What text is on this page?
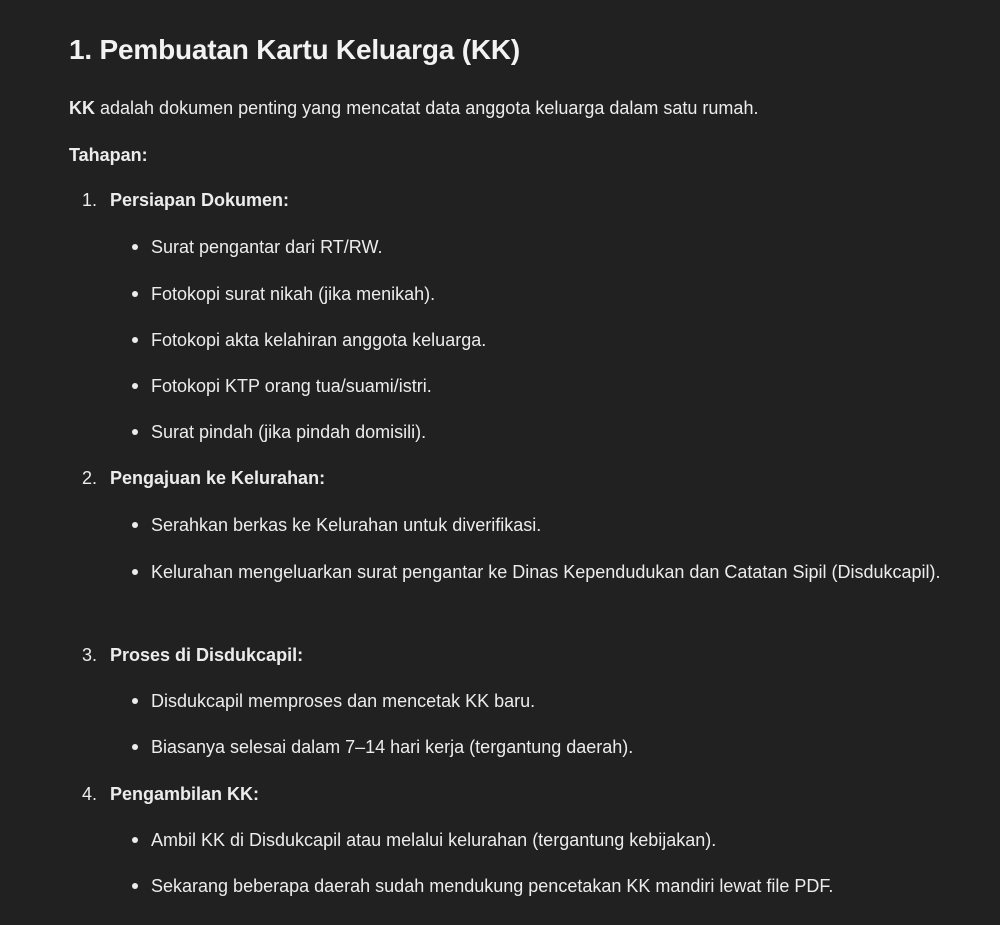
1. Pembuatan Kartu Keluarga (KK)

KK adalah dokumen penting yang mencatat data anggota keluarga dalam satu rumah.

Tahapan:

1. Persiapan Dokumen:

Surat pengantar dari RT/RW.

Fotokopi surat nikah (jika menikah).

Fotokopi akta kelahiran anggota keluarga.

Fotokopi KTP orang tua/suami/istri.

Surat pindah (jika pindah domisili).

2. Pengajuan ke Kelurahan:

Serahkan berkas ke Kelurahan untuk diverifikasi.

Kelurahan mengeluarkan surat pengantar ke Dinas Kependudukan dan Catatan Sipil (Disdukcapil).

3. Proses di Disdukcapil:

Disdukcapil memproses dan mencetak KK baru.

Biasanya selesai dalam 7–14 hari kerja (tergantung daerah).

4. Pengambilan KK:

Ambil KK di Disdukcapil atau melalui kelurahan (tergantung kebijakan).

Sekarang beberapa daerah sudah mendukung pencetakan KK mandiri lewat file PDF.
